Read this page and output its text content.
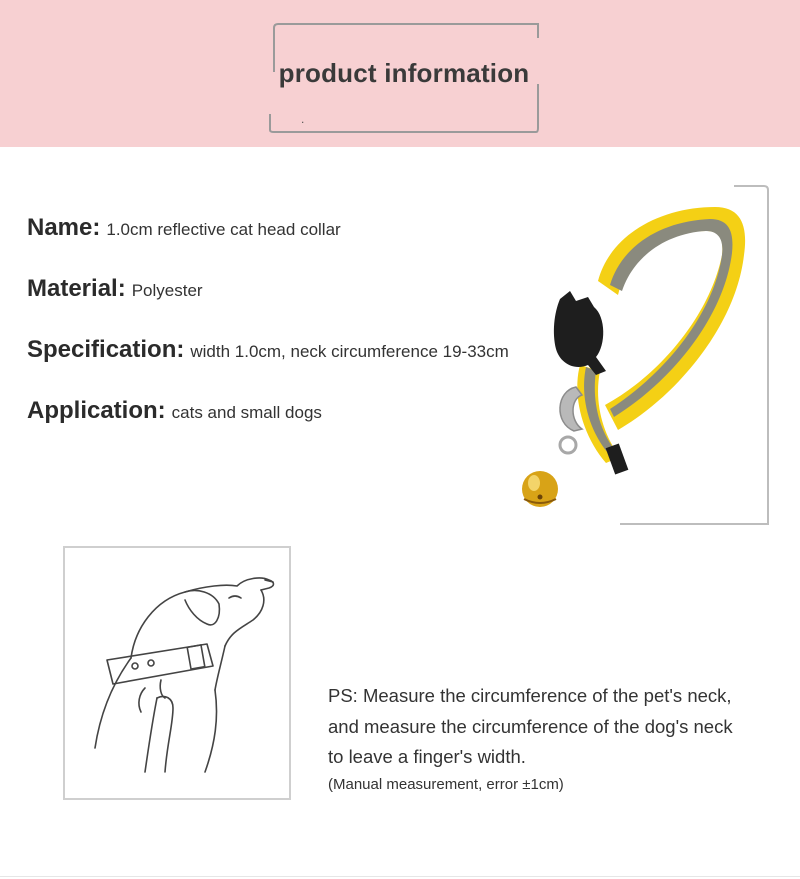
product information
.
Name: 1.0cm reflective cat head collar
Material: Polyester
Specification: width 1.0cm, neck circumference 19-33cm
Application: cats and small dogs
PS: Measure the circumference of the pet's neck,
and measure the circumference of the dog's neck
to leave a finger's width.
(Manual measurement, error ±1cm)
